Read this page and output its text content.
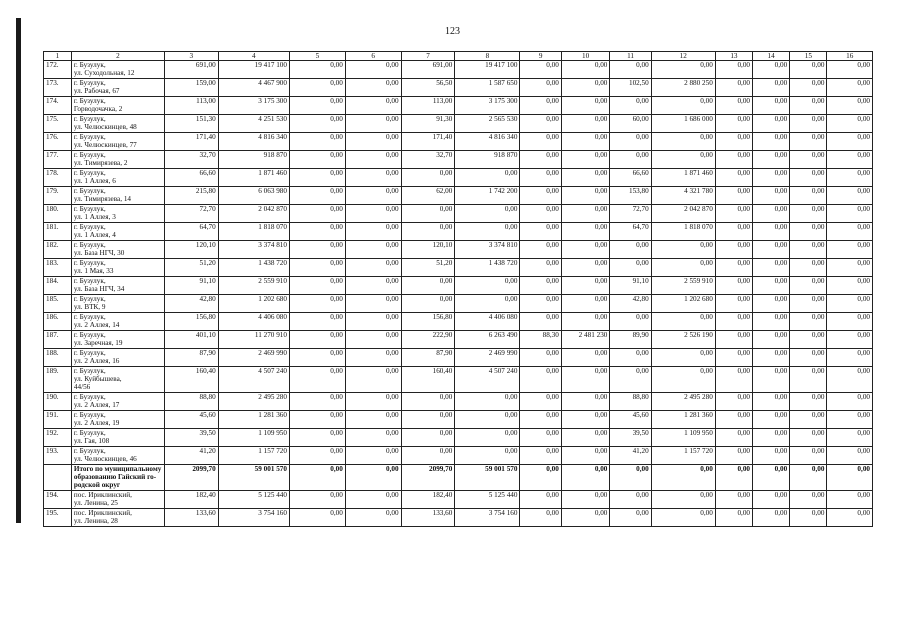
123
1	2	3	4	5	6	7	8	9	10	11	12	13	14	15	16
172.	г. Бузулук,
ул. Суходольная, 12	691,00	19 417 100	0,00	0,00	691,00	19 417 100	0,00	0,00	0,00	0,00	0,00	0,00	0,00	0,00
173.	г. Бузулук,
ул. Рабочая, 67	159,00	4 467 900	0,00	0,00	56,50	1 587 650	0,00	0,00	102,50	2 880 250	0,00	0,00	0,00	0,00
174.	г. Бузулук,
Горводочачка, 2	113,00	3 175 300	0,00	0,00	113,00	3 175 300	0,00	0,00	0,00	0,00	0,00	0,00	0,00	0,00
175.	г. Бузулук,
ул. Челюскинцев, 48	151,30	4 251 530	0,00	0,00	91,30	2 565 530	0,00	0,00	60,00	1 686 000	0,00	0,00	0,00	0,00
176.	г. Бузулук,
ул. Челюскинцев, 77	171,40	4 816 340	0,00	0,00	171,40	4 816 340	0,00	0,00	0,00	0,00	0,00	0,00	0,00	0,00
177.	г. Бузулук,
ул. Тимирязева, 2	32,70	918 870	0,00	0,00	32,70	918 870	0,00	0,00	0,00	0,00	0,00	0,00	0,00	0,00
178.	г. Бузулук,
ул. 1 Аллея, 6	66,60	1 871 460	0,00	0,00	0,00	0,00	0,00	0,00	66,60	1 871 460	0,00	0,00	0,00	0,00
179.	г. Бузулук,
ул. Тимирязева, 14	215,80	6 063 980	0,00	0,00	62,00	1 742 200	0,00	0,00	153,80	4 321 780	0,00	0,00	0,00	0,00
180.	г. Бузулук,
ул. 1 Аллея, 3	72,70	2 042 870	0,00	0,00	0,00	0,00	0,00	0,00	72,70	2 042 870	0,00	0,00	0,00	0,00
181.	г. Бузулук,
ул. 1 Аллея, 4	64,70	1 818 070	0,00	0,00	0,00	0,00	0,00	0,00	64,70	1 818 070	0,00	0,00	0,00	0,00
182.	г. Бузулук,
ул. База НГЧ, 30	120,10	3 374 810	0,00	0,00	120,10	3 374 810	0,00	0,00	0,00	0,00	0,00	0,00	0,00	0,00
183.	г. Бузулук,
ул. 1 Мая, 33	51,20	1 438 720	0,00	0,00	51,20	1 438 720	0,00	0,00	0,00	0,00	0,00	0,00	0,00	0,00
184.	г. Бузулук,
ул. База НГЧ, 34	91,10	2 559 910	0,00	0,00	0,00	0,00	0,00	0,00	91,10	2 559 910	0,00	0,00	0,00	0,00
185.	г. Бузулук,
ул. ВТК, 9	42,80	1 202 680	0,00	0,00	0,00	0,00	0,00	0,00	42,80	1 202 680	0,00	0,00	0,00	0,00
186.	г. Бузулук,
ул. 2 Аллея, 14	156,80	4 406 080	0,00	0,00	156,80	4 406 080	0,00	0,00	0,00	0,00	0,00	0,00	0,00	0,00
187.	г. Бузулук,
ул. Заречная, 19	401,10	11 270 910	0,00	0,00	222,90	6 263 490	88,30	2 481 230	89,90	2 526 190	0,00	0,00	0,00	0,00
188.	г. Бузулук,
ул. 2 Аллея, 16	87,90	2 469 990	0,00	0,00	87,90	2 469 990	0,00	0,00	0,00	0,00	0,00	0,00	0,00	0,00
189.	г. Бузулук,
ул. Куйбышева,
44/56	160,40	4 507 240	0,00	0,00	160,40	4 507 240	0,00	0,00	0,00	0,00	0,00	0,00	0,00	0,00
190.	г. Бузулук,
ул. 2 Аллея, 17	88,80	2 495 280	0,00	0,00	0,00	0,00	0,00	0,00	88,80	2 495 280	0,00	0,00	0,00	0,00
191.	г. Бузулук,
ул. 2 Аллея, 19	45,60	1 281 360	0,00	0,00	0,00	0,00	0,00	0,00	45,60	1 281 360	0,00	0,00	0,00	0,00
192.	г. Бузулук,
ул. Гая, 108	39,50	1 109 950	0,00	0,00	0,00	0,00	0,00	0,00	39,50	1 109 950	0,00	0,00	0,00	0,00
193.	г. Бузулук,
ул. Челюскинцев, 46	41,20	1 157 720	0,00	0,00	0,00	0,00	0,00	0,00	41,20	1 157 720	0,00	0,00	0,00	0,00

	Итого по муниципальному
образованию Гайский го-
родской округ	2099,70	59 001 570	0,00	0,00	2099,70	59 001 570	0,00	0,00	0,00	0,00	0,00	0,00	0,00	0,00
194.	пос. Ириклинский,
ул. Ленина, 25	182,40	5 125 440	0,00	0,00	182,40	5 125 440	0,00	0,00	0,00	0,00	0,00	0,00	0,00	0,00
195.	пос. Ириклинский,
ул. Ленина, 28	133,60	3 754 160	0,00	0,00	133,60	3 754 160	0,00	0,00	0,00	0,00	0,00	0,00	0,00	0,00
